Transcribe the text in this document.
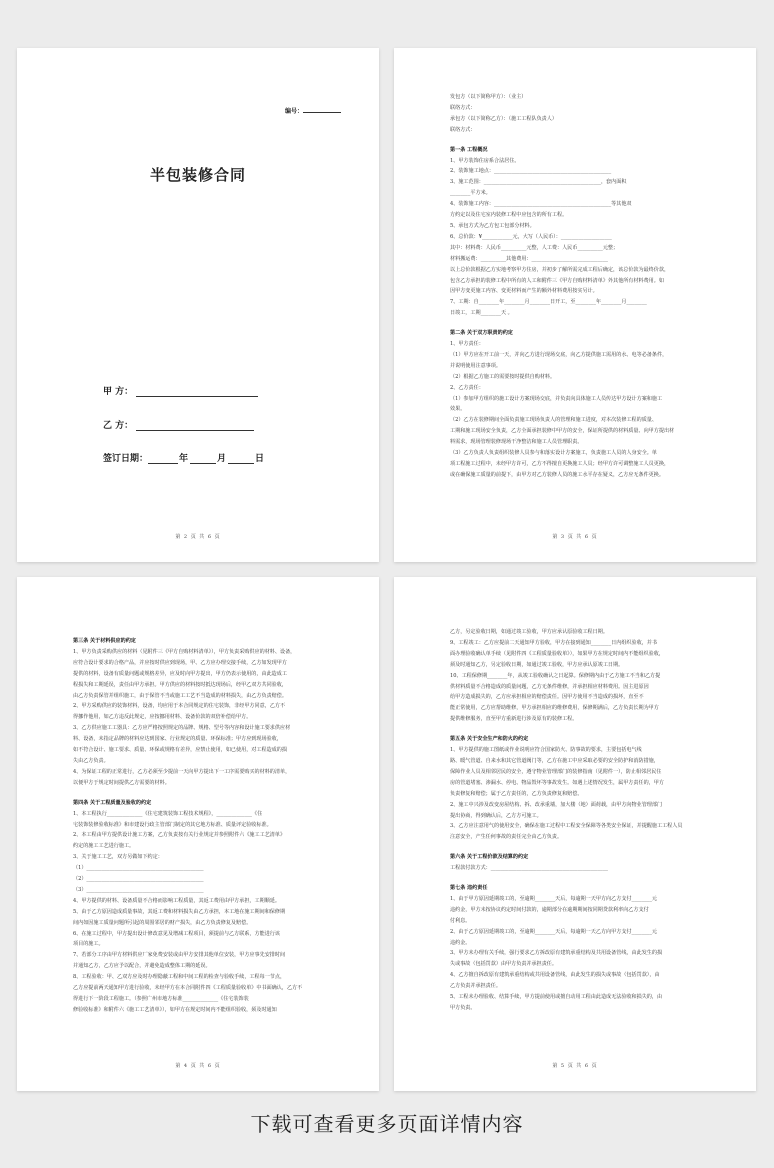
编号：
半包装修合同
甲 方：
乙 方：
签订日期：	年	月	日
第 2 页 共 6 页
发包方（以下简称甲方）：（业主）
联络方式：
承包方（以下简称乙方）：（施工工程队负责人）
联络方式：
第一条 工程概况
1、甲方装饰住房系合法居住。
2、装饰施工地点：______________________________________________
3、施工范围：______________________________________________，套内面积
________平方米。
4、装饰施工内容：______________________________________________等其他双
方约定以及住宅室内装修工程中应包含的所有工程。
5、承包方式为乙方包工包部分材料。
6、总价款：¥____________元，大写（人民币）：____________________
其中：材料费：人民币__________元整，人工费：人民币__________元整；
材料搬运费：__________其他费用：______________________________
以上总价款根据乙方实地考察甲方住房，并初步了解所需完成工程后确定，该总价款为最终价款，
包含乙方承担的装修工程中所有的人工和附件三《甲方自购材料清单》外其他所有材料费用。如
因甲方变更施工内容、变更材料而产生的额外材料费用按实另计。
7、工期：自________年________月________日开工，至________年________月________
日竣工，工期________天 。
第二条 关于双方职责的约定
1、甲方责任：
（1）甲方应在开工前一天，并向乙方进行现场交底，向乙方提供施工需用的水、电等必备条件，
并说明使用注意事项。
（2）根据乙方施工的需要按时提供自购材料。
2、乙方责任：
（1）参加甲方组织的施工设计方案现场交底，并负责向具体施工人员传达甲方设计方案和施工
效果。
（2）乙方在装修期间全面负责施工现场负责人的管理和施工进度，对本次装修工程的质量、
工期和施工现场安全负责，乙方全面承担装修中甲方的安全，保证所提供的材料质量、向甲方提出材
料需求，现场管理装修现场干净整洁和施工人员管理职责。
（3）乙方负责人负责组织装修人员参与和落实设计方案施工，负责施工人员的人身安全。单
项工程施工过程中，未经甲方许可，乙方不得擅自更换施工人员；经甲方许可调整施工人员更换，
或在确保施工质量的前提下，由甲方对乙方装修人员的施工水平存在疑义，乙方应无条件更换。
第 3 页 共 6 页
第三条 关于材料供应的约定
1、甲方负责采购供应的材料（见附件三《甲方自购材料清单》），甲方负责采购供应的材料、设备，
应符合设计要求的合格产品，并应按时供应到现场，甲、乙方应办理交接手续，乙方如发现甲方
提供的材料，设备有质量问题或规格差异，应及时向甲方提出，甲方仍表示使用的，由此造成工
程损失和工期延误，责任由甲方承担。甲方供应的材料按时抵达现场后，经甲乙双方共同验收，
由乙方负责保管并组织施工，由于保管不当或施工工艺不当造成的材料损失，由乙方负责赔偿。
2、甲方采购供应的装饰材料，设备，均应用于本合同规定的住宅装饰，非经甲方同意，乙方不
得挪作他用，如乙方违反此规定，应按挪用材料、设备价款的双倍补偿给甲方。
3、乙方供应施工工器具：乙方应严格按照规定的品牌、规格、型号等内容和设计施工要求供应材
料、设备，未指定品牌的材料应达到国家、行业规定的质量、环保标准；甲方应到现场验收，
如不符合设计、施工要求、质量、环保或规格有差异，应禁止使用，如已使用，对工程造成的损
失由乙方负责。
4、为保证工程的正常进行，乙方必须至少提前一天向甲方提出下一工序需要购买的材料的清单，
以便甲方于规定时间提供乙方需要的材料。
第四条 关于工程质量及验收的约定
1、本工程执行______________《住宅建筑装饰工程技术规程》，______________《住
宅装饰装修验收标准》和市建设行政主管部门制定的其它地方标准、质量评定验收标准。
2、本工程由甲方提供设计施工方案，乙方负责按有关行业规定并参照附件六《施工工艺清单》
约定的施工工艺进行施工。
3、关于施工工艺，双方另做如下约定：
（1）______________________________________________
（2）______________________________________________
（3）______________________________________________
4、甲方提供的材料、设备质量不合格而影响工程质量，其返工费用由甲方承担，工期顺延。
5、由于乙方原因造成质量事故，其返工费和材料损失由乙方承担，本工地在施工期间和保修期
间内如因施工质量问题所引起的周围邻居的财产损失，由乙方负责修复及赔偿。
6、在施工过程中，甲方提出设计修改意见及增减工程项目，须提前与乙方联系，方能进行该
项目的施工。
7、若部分工序由甲方材料供应厂家免费安装或由甲方安排其他单位安装，甲方应事先安排时间
并通知乙方，乙方应予以配合，并避免造成整体工期的延误。
8、工程验收：甲、乙双方应及时办理隐蔽工程和中间工程的检查与验收手续，工程每一节点，
乙方应提前两天通知甲方进行验收，未经甲方在本合同附件四《工程质量验收单》中书面确认，乙方不
得进行下一阶段工程施工。（参照广州市地方标准______________《住宅装饰装
修验收标准》和附件六《施工工艺清单》），如甲方在规定时间内不能组织验收，须及时通知
第 4 页 共 6 页
乙方，另定验收日期，如通过竣工验收，甲方应承认原验收工程日期。
9、工程竣工：乙方应提前二天通知甲方验收，甲方在接到通知________日内组织验收，并书
面办理验收确认单手续（见附件四《工程质量验收单》），如果甲方在规定时间内不能组织验收，
须及时通知乙方，另定验收日期，如通过竣工验收，甲方应承认原竣工日期。
10、工程保修期________年，从竣工验收确认之日起算。保修期内由于乙方施工不当和乙方提
供材料质量不合格造成的质量问题，乙方无条件维修，并承担相应材料费用。因主进原因
给甲方造成损失的，乙方应承担相应的赔偿责任。因甲方使用不当造成的损坏，直至不
能正常使用，乙方应帮助维修，甲方承担相应的维修费用，保修期满后，乙方负责长期为甲方
提供维修服务，直至甲方重新进行涉及原有的装修工程。
第五条 关于安全生产和防火的约定
1、甲方提供的施工图纸或作业说明应符合国家防火、防事故的要求，主要包括电气线
路、暖气管道、自来水和其它管道阀门等，乙方在施工中应采取必要的安全防护和消防措施，
保障作业人员及相邻居民的安全，遵守物业管理部门的装修指南（见附件一），防止相邻居民住
房的管道堵塞、渗漏水、停电、物品毁坏等事故发生。如遇上述情况发生，属甲方责任的，甲方
负责修复和赔偿；属于乙方责任的，乙方负责修复和赔偿。
2、施工中兴涉及改变房屋结构、拆、改承重墙，加大楼（地）面荷载，由甲方向物业管理部门
提出协商，得到确认后，乙方方可施工。
3、乙方应注意用气的使用安全，确保在施工过程中工程安全保障等各类安全保证，并提醒施工工程人员
注意安全，产生任何事故的责任完全由乙方负责。
第六条 关于工程价款及结算的约定
工程款付款方式：______________________________________________
第七条 违约责任
1、由于甲方原因延期竣工的，至逾期________天后，每逾期一天甲方向乙方支付________元
违约金，甲方未按协议约定时间付款的，逾期部分在逾期期间按同期贷款利率向乙方支付
付利息。
2、由于乙方原因延期竣工的，至逾期________天后，每逾期一天乙方向甲方支付________元
违约金。
3、甲方未办理有关手续，强行要求乙方拆改原有建筑承重结构及共用设备管线，由此发生的损
失或事故（包括罚款）由甲方负责并承担责任。
4、乙方擅自拆改原有建筑承重结构或共用设备管线，由此发生的损失或事故（包括罚款），由
乙方负责并承担责任。
5、工程未办理验收、结算手续，甲方提前使用或擅自动用工程由此造成无法验收和损失的，由
甲方负责。
第 5 页 共 6 页
下载可查看更多页面详情内容
